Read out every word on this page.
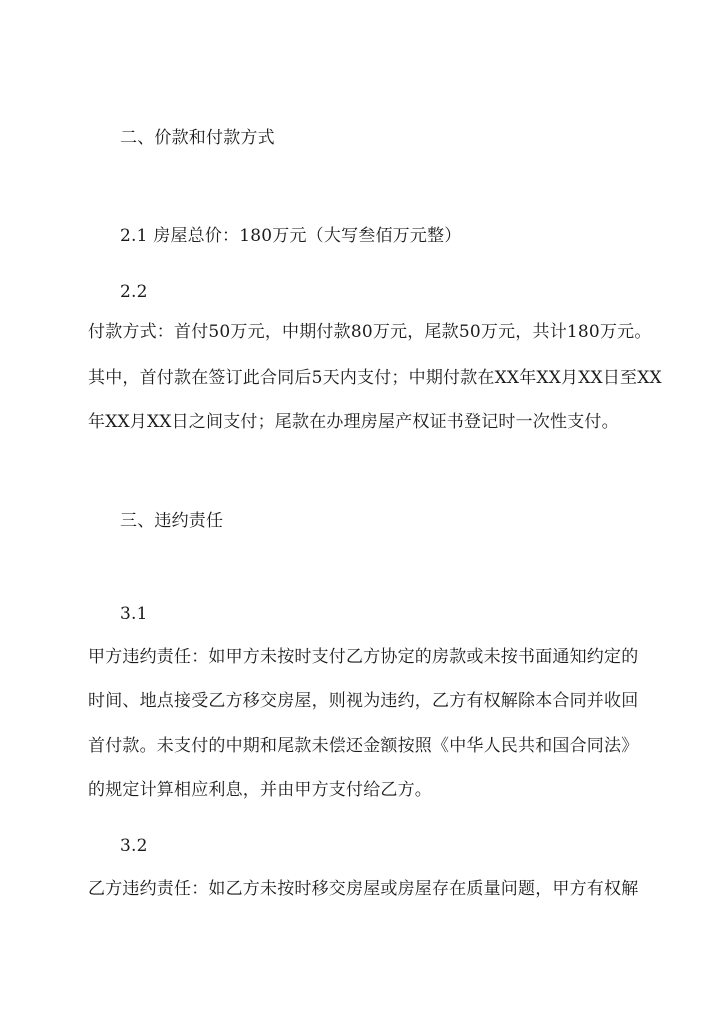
二、价款和付款方式
2.1 房屋总价：180万元（大写叁佰万元整）
2.2
付款方式：首付50万元，中期付款80万元，尾款50万元，共计180万元。
其中，首付款在签订此合同后5天内支付；中期付款在XX年XX月XX日至XX
年XX月XX日之间支付；尾款在办理房屋产权证书登记时一次性支付。
三、违约责任
3.1
甲方违约责任：如甲方未按时支付乙方协定的房款或未按书面通知约定的
时间、地点接受乙方移交房屋，则视为违约，乙方有权解除本合同并收回
首付款。未支付的中期和尾款未偿还金额按照《中华人民共和国合同法》
的规定计算相应利息，并由甲方支付给乙方。
3.2
乙方违约责任：如乙方未按时移交房屋或房屋存在质量问题，甲方有权解
